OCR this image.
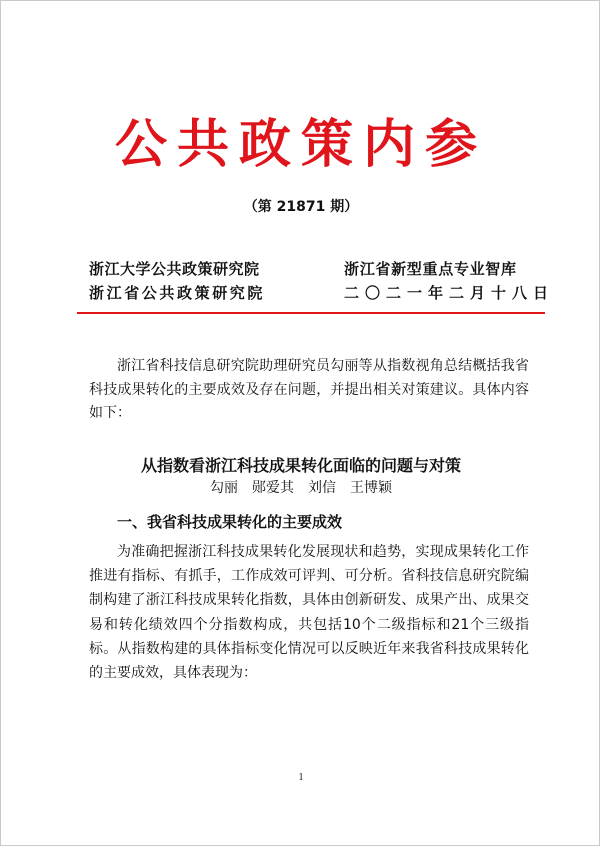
公共政策内参
（第 21871 期）
浙江大学公共政策研究院
浙江省公共政策研究院
浙江省新型重点专业智库
二〇二一年二月十八日
浙江省科技信息研究院助理研究员勾丽等从指数视角总结概括我省科技成果转化的主要成效及存在问题，并提出相关对策建议。具体内容如下：
从指数看浙江科技成果转化面临的问题与对策
勾丽　郧爱其　刘信　王博颖
一、我省科技成果转化的主要成效
为准确把握浙江科技成果转化发展现状和趋势，实现成果转化工作推进有指标、有抓手，工作成效可评判、可分析。省科技信息研究院编制构建了浙江科技成果转化指数，具体由创新研发、成果产出、成果交易和转化绩效四个分指数构成，共包括10个二级指标和21个三级指标。从指数构建的具体指标变化情况可以反映近年来我省科技成果转化的主要成效，具体表现为：
1
